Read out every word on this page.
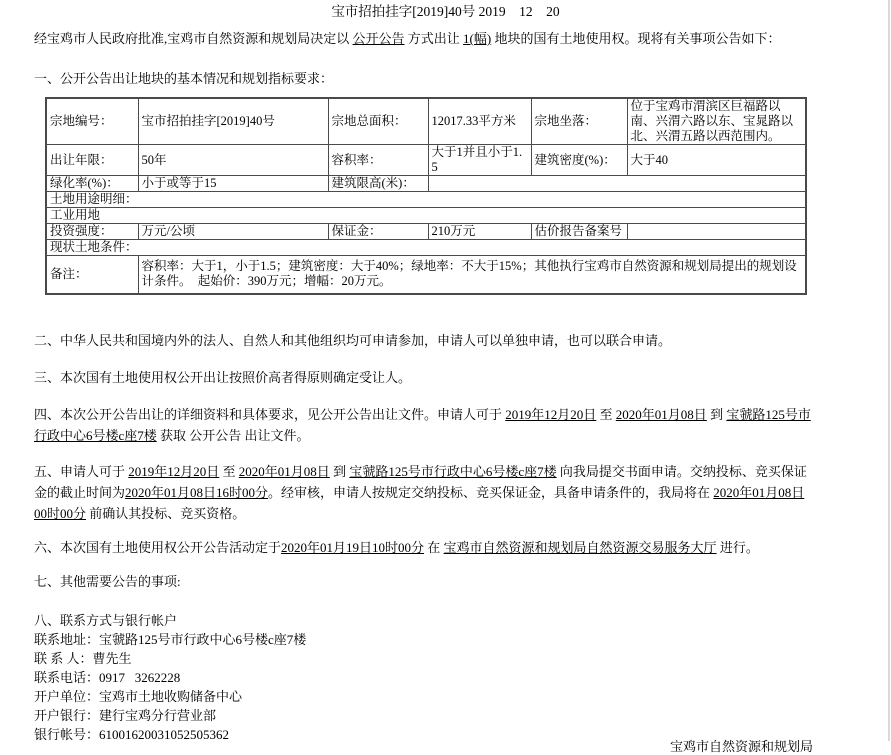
宝市招拍挂字[2019]40号 2019    12    20
经宝鸡市人民政府批准,宝鸡市自然资源和规划局决定以 公开公告 方式出让 1(幅) 地块的国有土地使用权。现将有关事项公告如下：
一、公开公告出让地块的基本情况和规划指标要求：
宗地编号：	宝市招拍挂字[2019]40号	宗地总面积：	12017.33平方米	宗地坐落：	位于宝鸡市渭滨区巨福路以南、兴渭六路以东、宝晁路以北、兴渭五路以西范围内。
出让年限：	50年	容积率：	大于1并且小于1.5	建筑密度(%)：	大于40
绿化率(%)：	小于或等于15	建筑限高(米)：			
土地用途明细：					
工业用地					
投资强度：	万元/公顷	保证金：	210万元	估价报告备案号	
现状土地条件：					
备注：	容积率：大于1，小于1.5；建筑密度：大于40%；绿地率：不大于15%；其他执行宝鸡市自然资源和规划局提出的规划设计条件。　起始价：390万元；增幅：20万元。				
二、中华人民共和国境内外的法人、自然人和其他组织均可申请参加，申请人可以单独申请，也可以联合申请。
三、本次国有土地使用权公开出让按照价高者得原则确定受让人。
四、本次公开公告出让的详细资料和具体要求，见公开公告出让文件。申请人可于 2019年12月20日 至 2020年01月08日 到 宝虢路125号市行政中心6号楼c座7楼 获取 公开公告 出让文件。
五、申请人可于 2019年12月20日 至 2020年01月08日 到 宝虢路125号市行政中心6号楼c座7楼 向我局提交书面申请。交纳投标、竞买保证金的截止时间为2020年01月08日16时00分。经审核，申请人按规定交纳投标、竞买保证金，具备申请条件的，我局将在 2020年01月08日00时00分 前确认其投标、竞买资格。
六、本次国有土地使用权公开公告活动定于2020年01月19日10时00分 在 宝鸡市自然资源和规划局自然资源交易服务大厅 进行。
七、其他需要公告的事项:
八、联系方式与银行帐户
联系地址：宝虢路125号市行政中心6号楼c座7楼
联 系 人：曹先生
联系电话：0917   3262228
开户单位：宝鸡市土地收购储备中心
开户银行：建行宝鸡分行营业部
银行帐号：61001620031052505362
宝鸡市自然资源和规划局
